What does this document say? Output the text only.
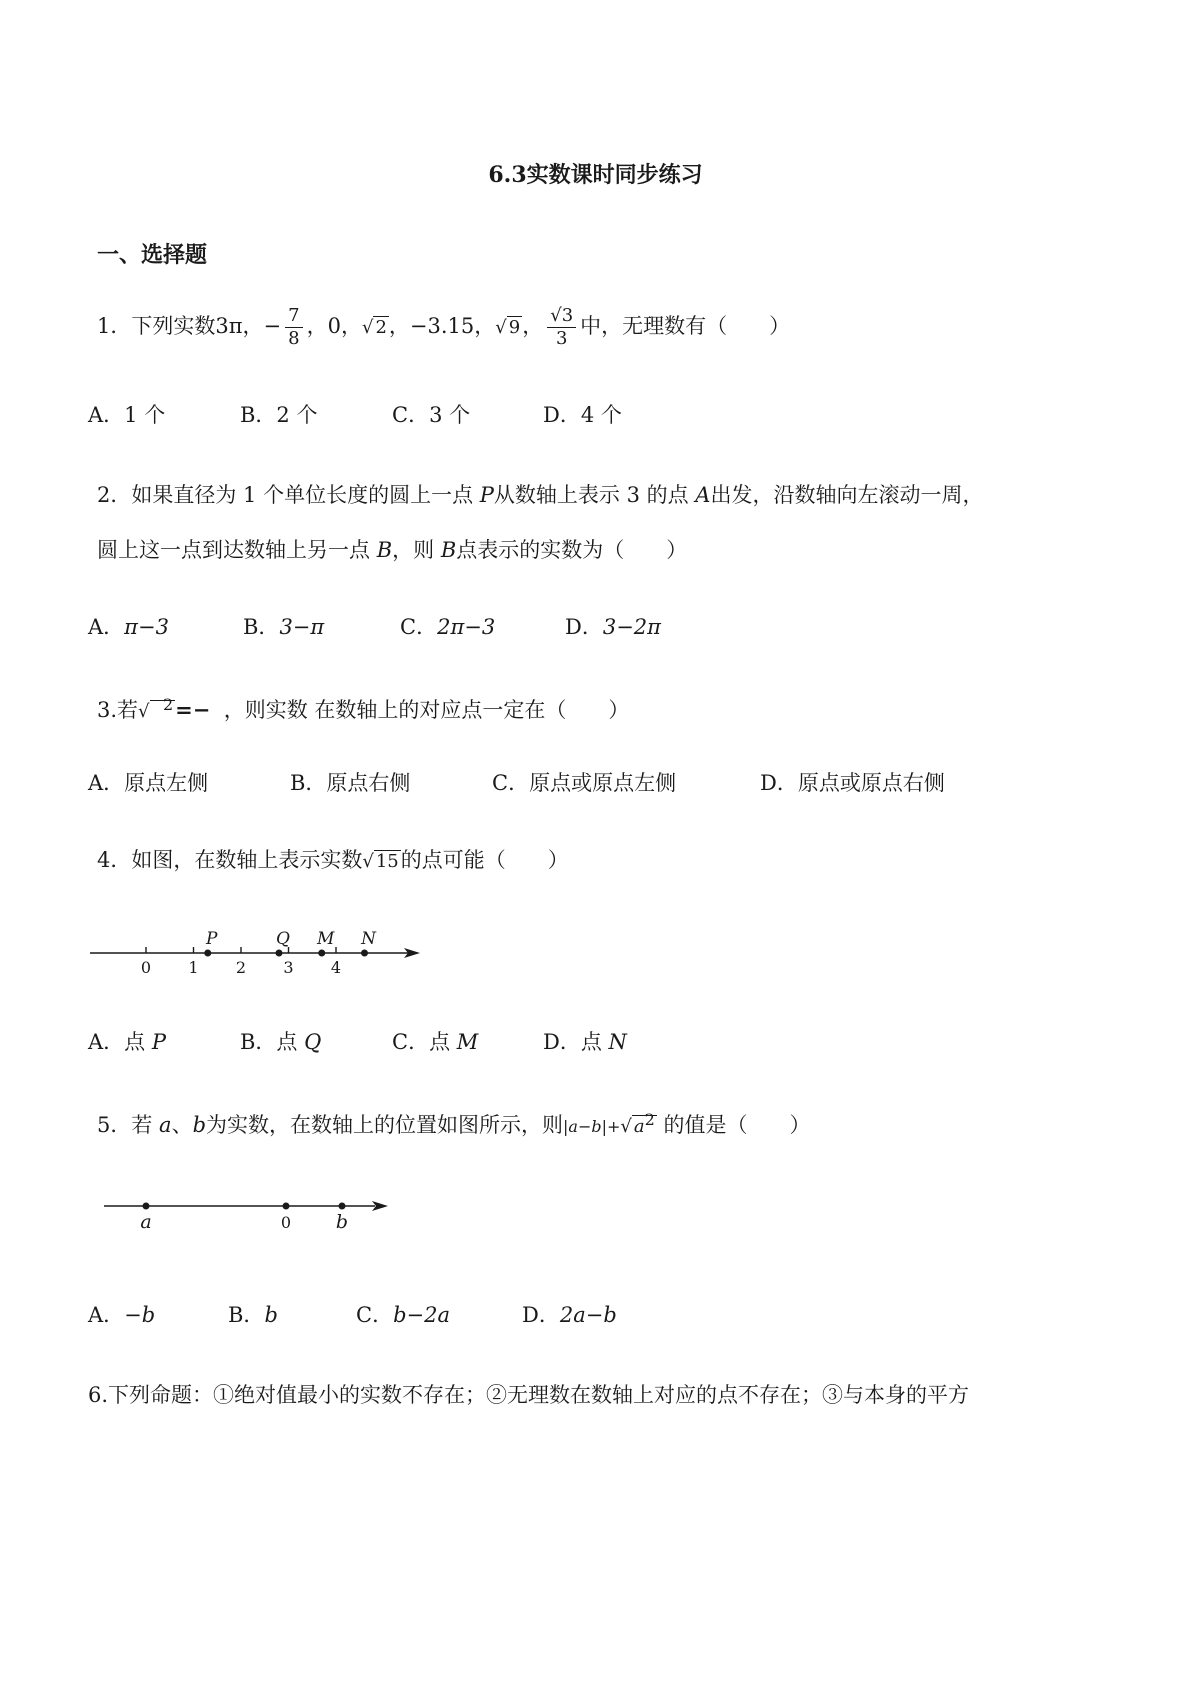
6.3实数课时同步练习
一、选择题
1．下列实数3π，− $\frac{7}{8}$ ，0，√ 2，−3.15，√ 9， $\frac{√3}{3}$ 中，无理数有（　　）
A．1 个	B．2 个	C．3 个	D．4 个
2．如果直径为 1 个单位长度的圆上一点 P从数轴上表示 3 的点 A出发，沿数轴向左滚动一周，
圆上这一点到达数轴上另一点 B，则 B点表示的实数为（　　）
A．π−3	B．3−π	C．2π−3	D．3−2π
3.若√ $^2$=− ，则实数 在数轴上的对应点一定在（　　）
A．原点左侧	B．原点右侧	C．原点或原点左侧	D．原点或原点右侧
4．如图，在数轴上表示实数√ 15的点可能（　　）
0 1 2 3 4
P	Q M N
A．点 P	B．点 Q	C．点 M	D．点 N
5．若 a、b为实数，在数轴上的位置如图所示，则|a−b|+√ $a^2$ 的值是（　　）
a	0 b
A．−b	B．b	C．b−2a	D．2a−b
6.下列命题：①绝对值最小的实数不存在；②无理数在数轴上对应的点不存在；③与本身的平方
